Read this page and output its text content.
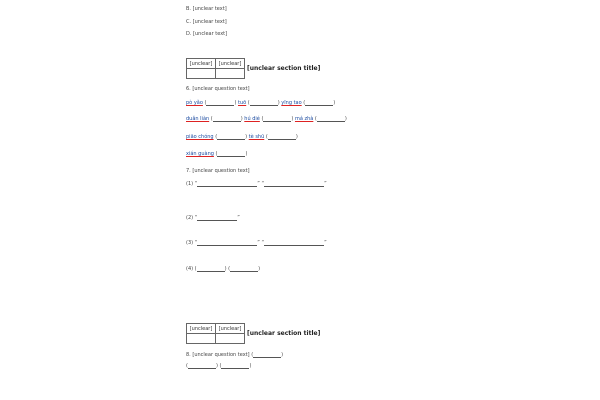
B. [unclear text]
C. [unclear text]
D. [unclear text]
[unclear]	[unclear]

[unclear section title]
6. [unclear question text]
pò yǎo (	) tuō (	) yīng tao (	)
duǎn liàn (	) hú dié (	) má zhà (	)
piāo chóng (	) tè shū (	)
xián guàng (	)
7. [unclear question text]
(1) “	” “	”
(2) “	”
(3) “	” “	”
(4) (	) (	)
[unclear]	[unclear]

[unclear section title]
8. [unclear question text] (	)
(	) (	)
